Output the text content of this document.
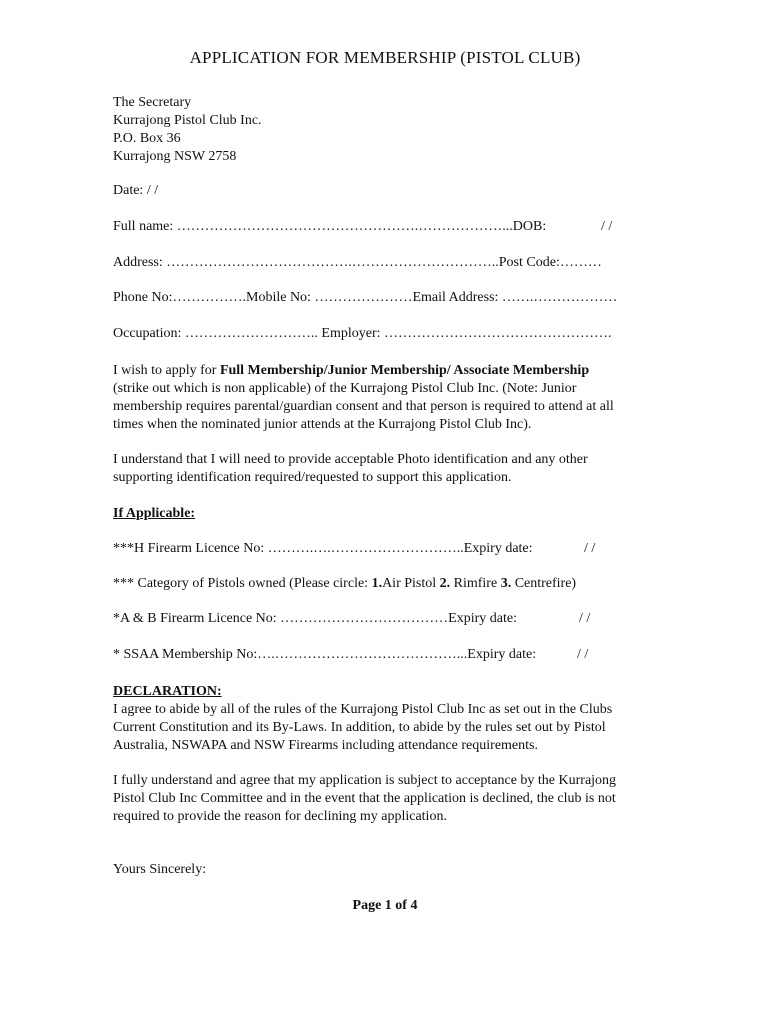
APPLICATION FOR MEMBERSHIP (PISTOL CLUB)
The Secretary
Kurrajong Pistol Club Inc.
P.O. Box 36
Kurrajong NSW 2758
Date: / /
Full name: …………………………………………….………………...DOB:	/ /
Address: ………………………………….…………………………..Post Code:………
Phone No:…………….Mobile No: …………………Email Address: …….………………
Occupation: ……………………….. Employer: ………………………………………….
I wish to apply for Full Membership/Junior Membership/ Associate Membership
(strike out which is non applicable) of the Kurrajong Pistol Club Inc. (Note: Junior
membership requires parental/guardian consent and that person is required to attend at all
times when the nominated junior attends at the Kurrajong Pistol Club Inc).
I understand that I will need to provide acceptable Photo identification and any other
supporting identification required/requested to support this application.
If Applicable:
***H Firearm Licence No: ……….….………………………..Expiry date:	/ /
*** Category of Pistols owned (Please circle: 1.Air Pistol 2. Rimfire 3. Centrefire)
*A & B Firearm Licence No: ………………………………Expiry date:	/ /
* SSAA Membership No:….…………………………………...Expiry date:	/ /
DECLARATION:
I agree to abide by all of the rules of the Kurrajong Pistol Club Inc as set out in the Clubs
Current Constitution and its By-Laws. In addition, to abide by the rules set out by Pistol
Australia, NSWAPA and NSW Firearms including attendance requirements.
I fully understand and agree that my application is subject to acceptance by the Kurrajong
Pistol Club Inc Committee and in the event that the application is declined, the club is not
required to provide the reason for declining my application.
Yours Sincerely:
Page 1 of 4
